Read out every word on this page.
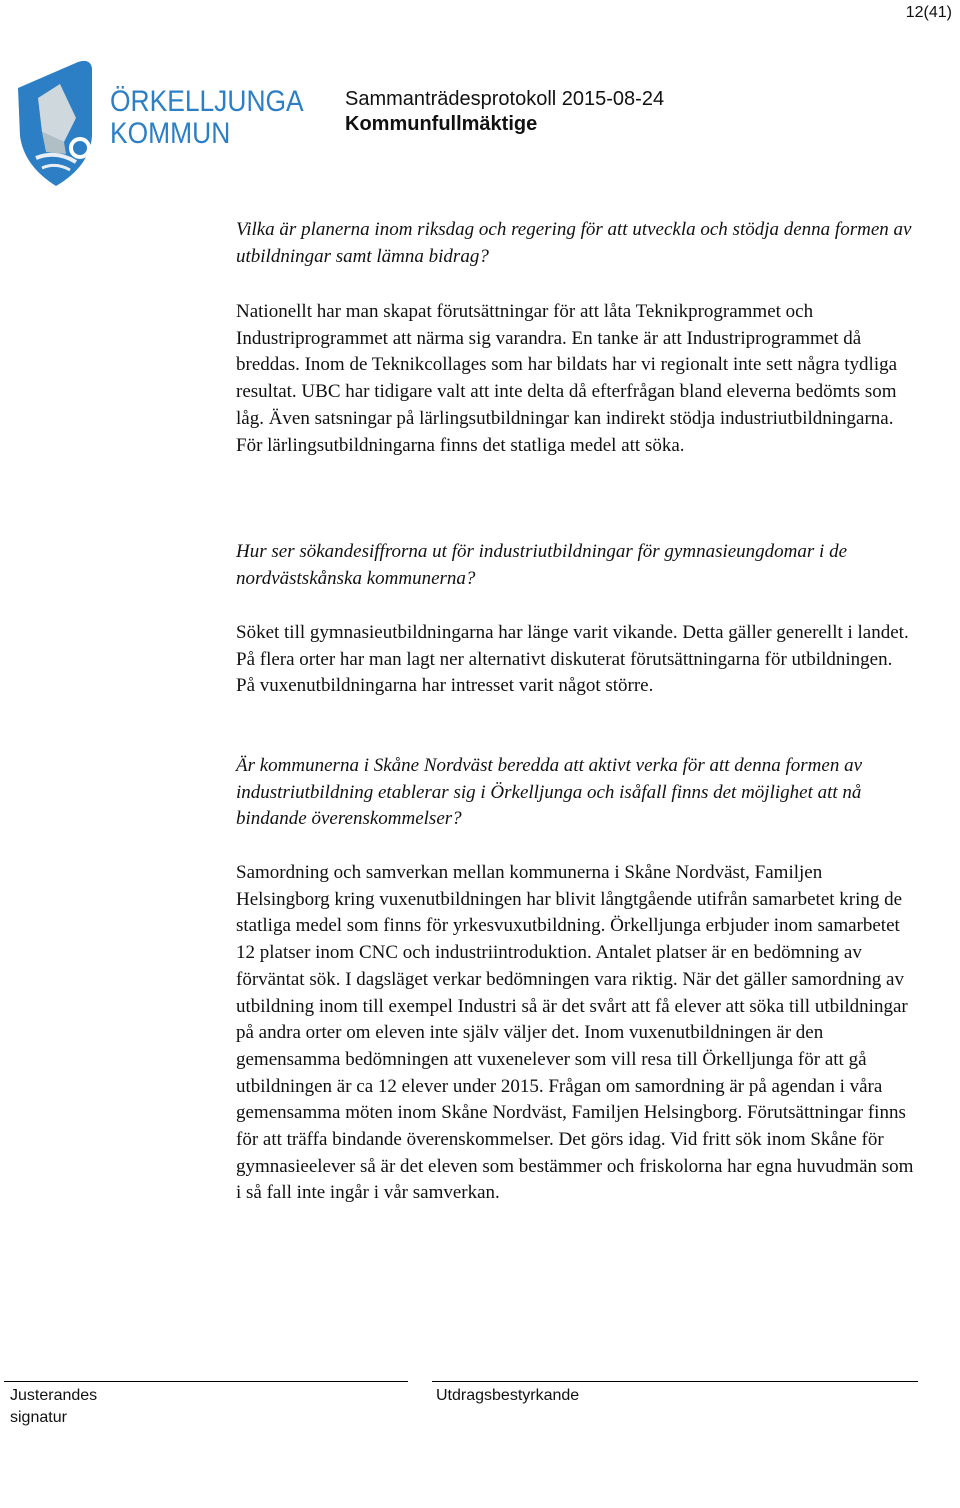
12(41)
ÖRKELLJUNGA
KOMMUN
Sammanträdesprotokoll 2015-08-24
Kommunfullmäktige
Vilka är planerna inom riksdag och regering för att utveckla och stödja denna formen av utbildningar samt lämna bidrag?
Nationellt har man skapat förutsättningar för att låta Teknikprogrammet och Industriprogrammet att närma sig varandra. En tanke är att Industriprogrammet då breddas. Inom de Teknikcollages som har bildats har vi regionalt inte sett några tydliga resultat. UBC har tidigare valt att inte delta då efterfrågan bland eleverna bedömts som låg. Även satsningar på lärlingsutbildningar kan indirekt stödja industriutbildningarna. För lärlingsutbildningarna finns det statliga medel att söka.
Hur ser sökandesiffrorna ut för industriutbildningar för gymnasieungdomar i de nordvästskånska kommunerna?
Söket till gymnasieutbildningarna har länge varit vikande. Detta gäller generellt i landet. På flera orter har man lagt ner alternativt diskuterat förutsättningarna för utbildningen. På vuxenutbildningarna har intresset varit något större.
Är kommunerna i Skåne Nordväst beredda att aktivt verka för att denna formen av industriutbildning etablerar sig i Örkelljunga och isåfall finns det möjlighet att nå bindande överenskommelser?
Samordning och samverkan mellan kommunerna i Skåne Nordväst, Familjen Helsingborg kring vuxenutbildningen har blivit långtgående utifrån samarbetet kring de statliga medel som finns för yrkesvuxutbildning. Örkelljunga erbjuder inom samarbetet 12 platser inom CNC och industriintroduktion. Antalet platser är en bedömning av förväntat sök. I dagsläget verkar bedömningen vara riktig. När det gäller samordning av utbildning inom till exempel Industri så är det svårt att få elever att söka till utbildningar på andra orter om eleven inte själv väljer det. Inom vuxenutbildningen är den gemensamma bedömningen att vuxenelever som vill resa till Örkelljunga för att gå utbildningen är ca 12 elever under 2015. Frågan om samordning är på agendan i våra gemensamma möten inom Skåne Nordväst, Familjen Helsingborg. Förutsättningar finns för att träffa bindande överenskommelser. Det görs idag. Vid fritt sök inom Skåne för gymnasieelever så är det eleven som bestämmer och friskolorna har egna huvudmän som i så fall inte ingår i vår samverkan.
Justerandes
signatur
Utdragsbestyrkande
